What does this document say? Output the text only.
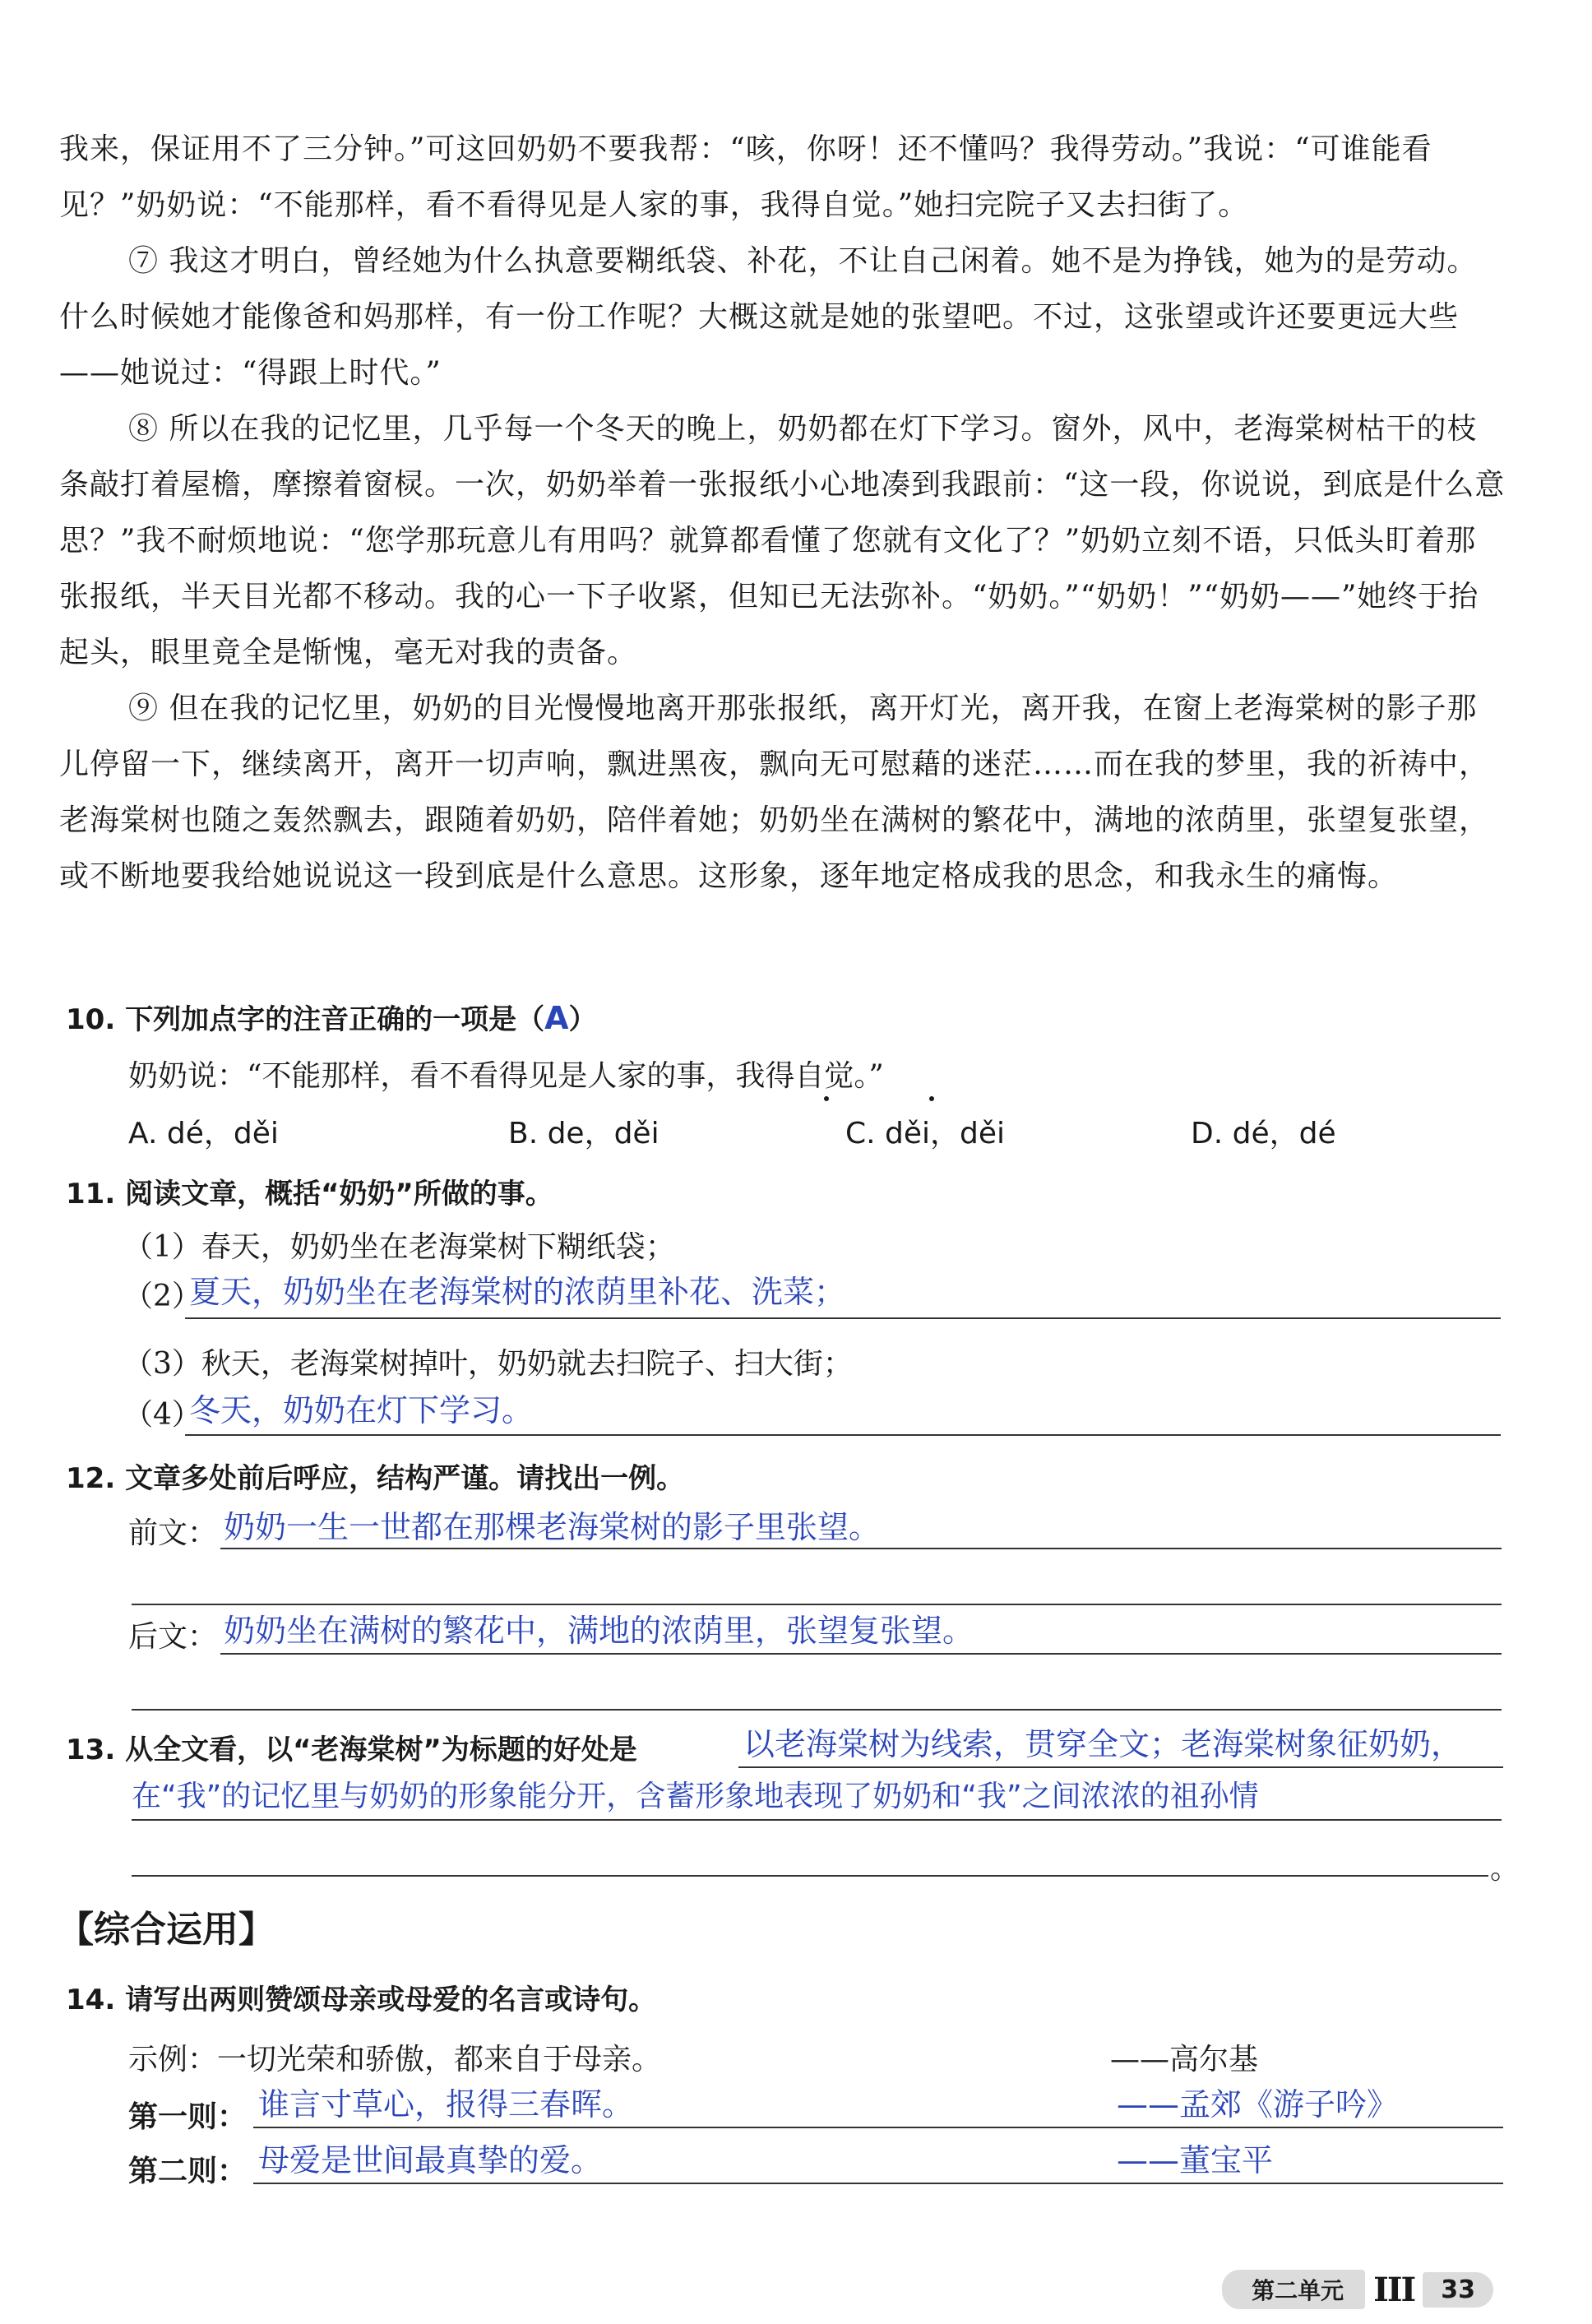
我来，保证用不了三分钟。”可这回奶奶不要我帮：“咳，你呀！还不懂吗？我得劳动。”我说：“可谁能看见？”奶奶说：“不能那样，看不看得见是人家的事，我得自觉。”她扫完院子又去扫街了。
⑦ 我这才明白，曾经她为什么执意要糊纸袋、补花，不让自己闲着。她不是为挣钱，她为的是劳动。什么时候她才能像爸和妈那样，有一份工作呢？大概这就是她的张望吧。不过，这张望或许还要更远大些——她说过：“得跟上时代。”
⑧ 所以在我的记忆里，几乎每一个冬天的晚上，奶奶都在灯下学习。窗外，风中，老海棠树枯干的枝条敲打着屋檐，摩擦着窗棂。一次，奶奶举着一张报纸小心地凑到我跟前：“这一段，你说说，到底是什么意思？”我不耐烦地说：“您学那玩意儿有用吗？就算都看懂了您就有文化了？”奶奶立刻不语，只低头盯着那张报纸，半天目光都不移动。我的心一下子收紧，但知已无法弥补。“奶奶。”“奶奶！”“奶奶——”她终于抬起头，眼里竟全是惭愧，毫无对我的责备。
⑨ 但在我的记忆里，奶奶的目光慢慢地离开那张报纸，离开灯光，离开我，在窗上老海棠树的影子那儿停留一下，继续离开，离开一切声响，飘进黑夜，飘向无可慰藉的迷茫……而在我的梦里，我的祈祷中，老海棠树也随之轰然飘去，跟随着奶奶，陪伴着她；奶奶坐在满树的繁花中，满地的浓荫里，张望复张望，或不断地要我给她说说这一段到底是什么意思。这形象，逐年地定格成我的思念，和我永生的痛悔。
10. 下列加点字的注音正确的一项是（A）
奶奶说：“不能那样，看不看得见是人家的事，我得自觉。”
A. dé，děi	B. de，děi	C. děi，děi	D. dé，dé
11. 阅读文章，概括“奶奶”所做的事。
（1）春天，奶奶坐在老海棠树下糊纸袋；
（2）
夏天，奶奶坐在老海棠树的浓荫里补花、洗菜；
（3）秋天，老海棠树掉叶，奶奶就去扫院子、扫大街；
（4）
冬天，奶奶在灯下学习。
12. 文章多处前后呼应，结构严谨。请找出一例。
前文： 奶奶一生一世都在那棵老海棠树的影子里张望。
后文： 奶奶坐在满树的繁花中，满地的浓荫里，张望复张望。
13. 从全文看，以“老海棠树”为标题的好处是	以老海棠树为线索，贯穿全文；老海棠树象征奶奶，
在“我”的记忆里与奶奶的形象能分开，含蓄形象地表现了奶奶和“我”之间浓浓的祖孙情
。
【综合运用】
14. 请写出两则赞颂母亲或母爱的名言或诗句。
示例：一切光荣和骄傲，都来自于母亲。	——高尔基
第一则： 谁言寸草心，报得三春晖。	——孟郊《游子吟》
第二则： 母爱是世间最真挚的爱。	——董宝平
第二单元 III	33
